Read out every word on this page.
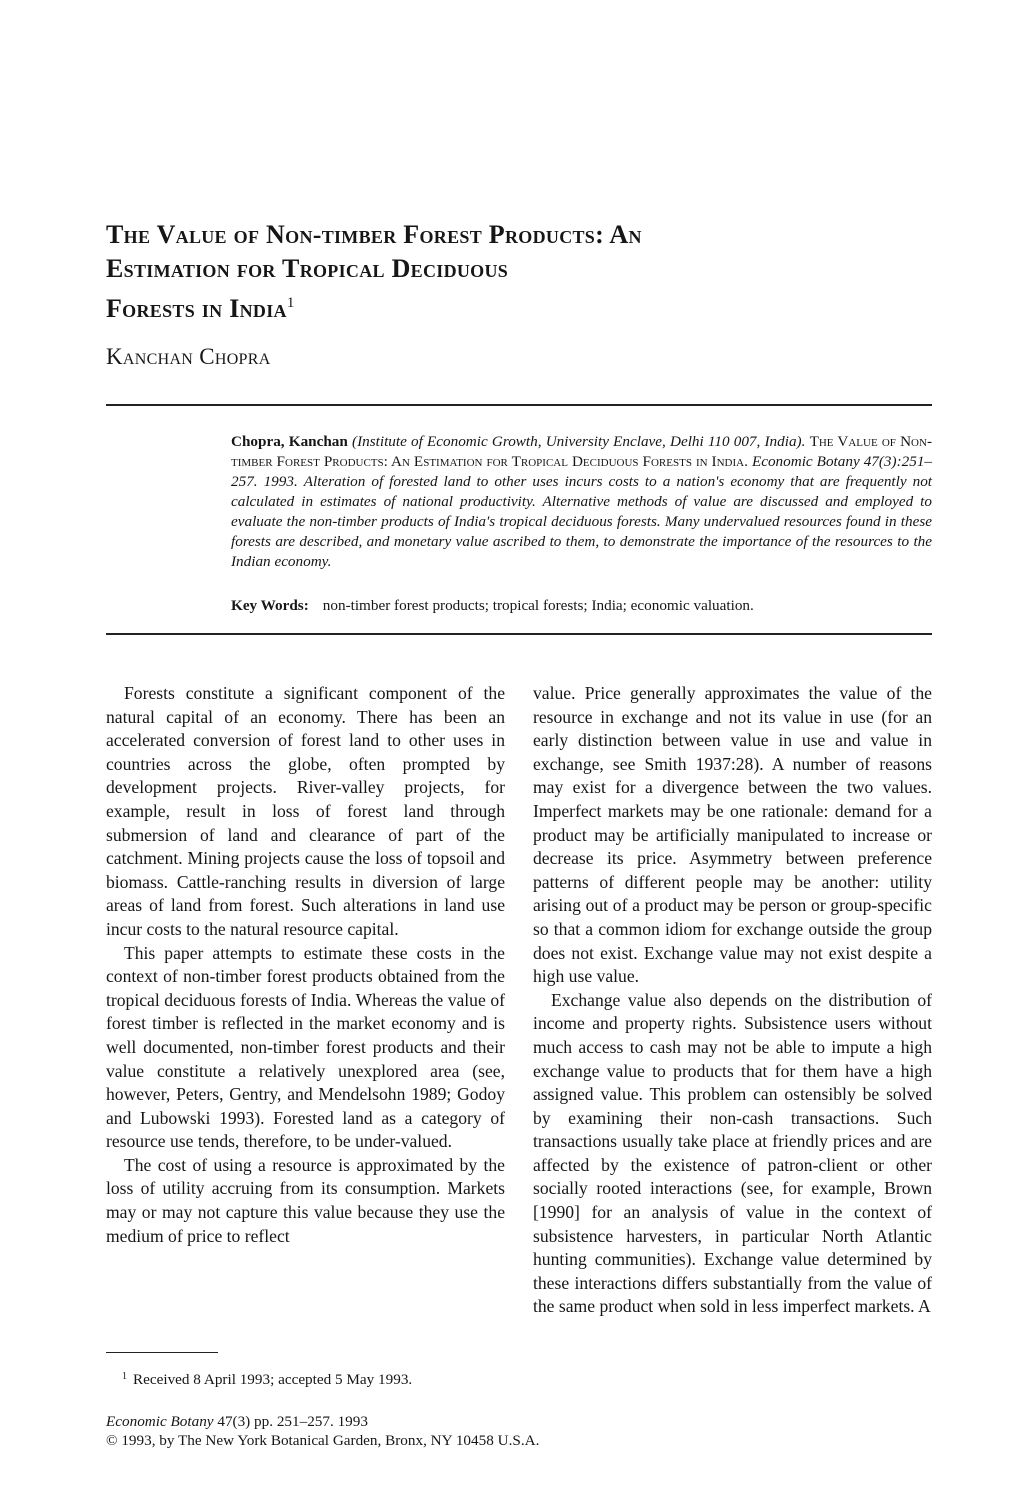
The Value of Non-timber Forest Products: An
Estimation for Tropical Deciduous
Forests in India$^1$
Kanchan Chopra
Chopra, Kanchan (Institute of Economic Growth, University Enclave, Delhi 110 007, India). The Value of Non-timber Forest Products: An Estimation for Tropical Deciduous Forests in India. Economic Botany 47(3):251–257. 1993. Alteration of forested land to other uses incurs costs to a nation's economy that are frequently not calculated in estimates of national productivity. Alternative methods of value are discussed and employed to evaluate the non-timber products of India's tropical deciduous forests. Many undervalued resources found in these forests are described, and monetary value ascribed to them, to demonstrate the importance of the resources to the Indian economy.
Key Words: non-timber forest products; tropical forests; India; economic valuation.

Forests constitute a significant component of the natural capital of an economy. There has been an accelerated conversion of forest land to other uses in countries across the globe, often prompted by development projects. River-valley projects, for example, result in loss of forest land through submersion of land and clearance of part of the catchment. Mining projects cause the loss of topsoil and biomass. Cattle-ranching results in diversion of large areas of land from forest. Such alterations in land use incur costs to the natural resource capital.

This paper attempts to estimate these costs in the context of non-timber forest products obtained from the tropical deciduous forests of India. Whereas the value of forest timber is reflected in the market economy and is well documented, non-timber forest products and their value constitute a relatively unexplored area (see, however, Peters, Gentry, and Mendelsohn 1989; Godoy and Lubowski 1993). Forested land as a category of resource use tends, therefore, to be under-valued.

The cost of using a resource is approximated by the loss of utility accruing from its consumption. Markets may or may not capture this value because they use the medium of price to reflect

value. Price generally approximates the value of the resource in exchange and not its value in use (for an early distinction between value in use and value in exchange, see Smith 1937:28). A number of reasons may exist for a divergence between the two values. Imperfect markets may be one rationale: demand for a product may be artificially manipulated to increase or decrease its price. Asymmetry between preference patterns of different people may be another: utility arising out of a product may be person or group-specific so that a common idiom for exchange outside the group does not exist. Exchange value may not exist despite a high use value.

Exchange value also depends on the distribution of income and property rights. Subsistence users without much access to cash may not be able to impute a high exchange value to products that for them have a high assigned value. This problem can ostensibly be solved by examining their non-cash transactions. Such transactions usually take place at friendly prices and are affected by the existence of patron-client or other socially rooted interactions (see, for example, Brown [1990] for an analysis of value in the context of subsistence harvesters, in particular North Atlantic hunting communities). Exchange value determined by these interactions differs substantially from the value of the same product when sold in less imperfect markets. A

$^1$ Received 8 April 1993; accepted 5 May 1993.
Economic Botany 47(3) pp. 251–257. 1993
© 1993, by The New York Botanical Garden, Bronx, NY 10458 U.S.A.
